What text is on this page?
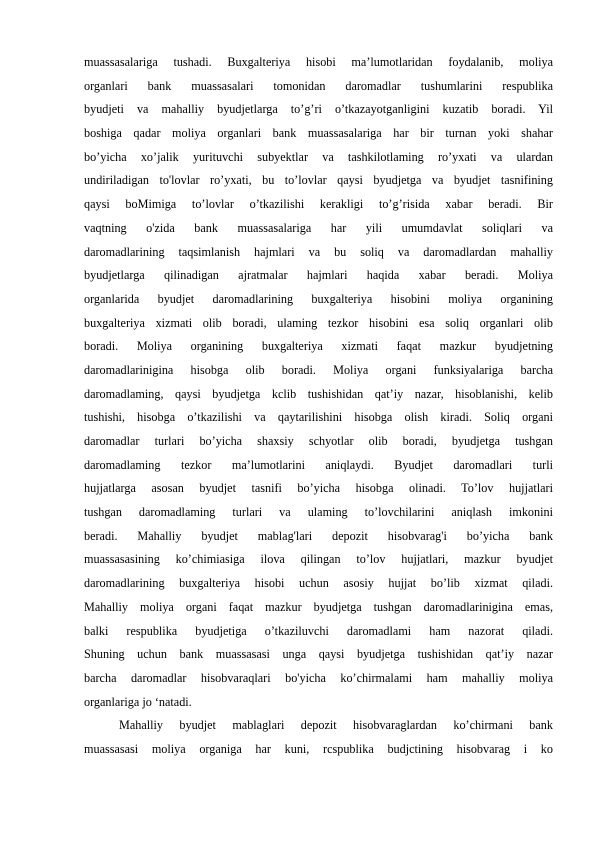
muassasalariga tushadi. Buxgalteriya hisobi ma’lumotlaridan foydalanib, moliya
organlari bank muassasalari tomonidan daromadlar tushumlarini respublika
byudjeti va mahalliy byudjetlarga to’g’ri o’tkazayotganligini kuzatib boradi. Yil
boshiga qadar moliya organlari bank muassasalariga har bir turnan yoki shahar
bo’yicha xo’jalik yurituvchi subyektlar va tashkilotlaming ro’yxati va ulardan
undiriladigan to'lovlar ro’yxati, bu to’lovlar qaysi byudjetga va byudjet tasnifining
qaysi boMimiga to’lovlar o’tkazilishi kerakligi to’g’risida xabar beradi. Bir
vaqtning o'zida bank muassasalariga har yili umumdavlat soliqlari va
daromadlarining taqsimlanish hajmlari va bu soliq va daromadlardan mahalliy
byudjetlarga qilinadigan ajratmalar hajmlari haqida xabar beradi. Moliya
organlarida byudjet daromadlarining buxgalteriya hisobini moliya organining
buxgalteriya xizmati olib boradi, ulaming tezkor hisobini esa soliq organlari olib
boradi. Moliya organining buxgalteriya xizmati faqat mazkur byudjetning
daromadlarinigina hisobga olib boradi. Moliya organi funksiyalariga barcha
daromadlaming, qaysi byudjetga kclib tushishidan qat’iy nazar, hisoblanishi, kelib
tushishi, hisobga o’tkazilishi va qaytarilishini hisobga olish kiradi. Soliq organi
daromadlar turlari bo’yicha shaxsiy schyotlar olib boradi, byudjetga tushgan
daromadlaming tezkor ma’lumotlarini aniqlaydi. Byudjet daromadlari turli
hujjatlarga asosan byudjet tasnifi bo’yicha hisobga olinadi. To’lov hujjatlari
tushgan daromadlaming turlari va ulaming to’lovchilarini aniqlash imkonini
beradi. Mahalliy byudjet mablag'lari depozit hisobvarag'i bo’yicha bank
muassasasining ko’chimiasiga ilova qilingan to’lov hujjatlari, mazkur byudjet
daromadlarining buxgalteriya hisobi uchun asosiy hujjat bo’lib xizmat qiladi.
Mahalliy moliya organi faqat mazkur byudjetga tushgan daromadlarinigina emas,
balki respublika byudjetiga o’tkaziluvchi daromadlami ham nazorat qiladi.
Shuning uchun bank muassasasi unga qaysi byudjetga tushishidan qat’iy nazar
barcha daromadlar hisobvaraqlari bo'yicha ko’chirmalami ham mahalliy moliya
organlariga jo ‘natadi.
Mahalliy byudjet mablaglari depozit hisobvaraglardan ko’chirmani bank
muassasasi moliya organiga har kuni, rcspublika budjctining hisobvarag i ko
